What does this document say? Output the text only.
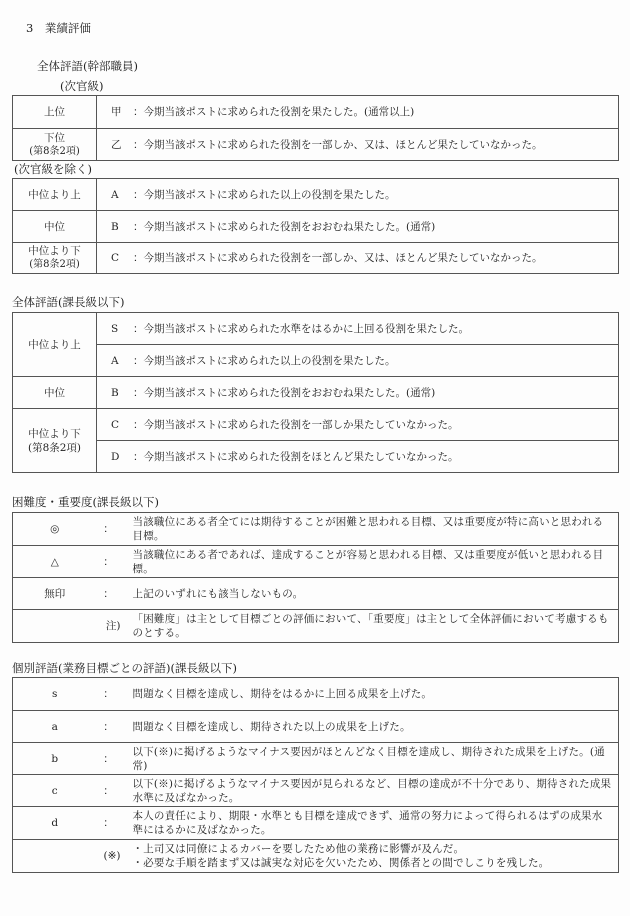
3　業績評価
全体評語(幹部職員)
(次官級)
上位	甲 ：今期当該ポストに求められた役割を果たした。(通常以上)

下位
(第8条2項)	乙 ：今期当該ポストに求められた役割を一部しか、又は、ほとんど果たしていなかった。
(次官級を除く)
中位より上	A ：今期当該ポストに求められた以上の役割を果たした。
中位	B ：今期当該ポストに求められた役割をおおむね果たした。(通常)

中位より下
(第8条2項)	C ：今期当該ポストに求められた役割を一部しか、又は、ほとんど果たしていなかった。
全体評語(課長級以下)
中位より上	S ：今期当該ポストに求められた水準をはるかに上回る役割を果たした。
	A ：今期当該ポストに求められた以上の役割を果たした。
中位	B ：今期当該ポストに求められた役割をおおむね果たした。(通常)

中位より下
(第8条2項)	C ：今期当該ポストに求められた役割を一部しか果たしていなかった。
	D ：今期当該ポストに求められた役割をほとんど果たしていなかった。
困難度・重要度(課長級以下)
◎	：		当該職位にある者全てには期待することが困難と思われる目標、又は重要度が特に高いと思われる目標。
△	：		当該職位にある者であれば、達成することが容易と思われる目標、又は重要度が低いと思われる目標。
無印	：		上記のいずれにも該当しないもの。
	注)		「困難度」は主として目標ごとの評価において、「重要度」は主として全体評価において考慮するものとする。
個別評語(業務目標ごとの評語)(課長級以下)
s	：		問題なく目標を達成し、期待をはるかに上回る成果を上げた。
a	：		問題なく目標を達成し、期待された以上の成果を上げた。
b	：		以下(※)に掲げるようなマイナス要因がほとんどなく目標を達成し、期待された成果を上げた。(通常)
c	：		以下(※)に掲げるようなマイナス要因が見られるなど、目標の達成が不十分であり、期待された成果水準に及ばなかった。
d	：		本人の責任により、期限・水準とも目標を達成できず、通常の努力によって得られるはずの成果水準にはるかに及ばなかった。
	(※)		・上司又は同僚によるカバーを要したため他の業務に影響が及んだ。
・必要な手順を踏まず又は誠実な対応を欠いたため、関係者との間でしこりを残した。
